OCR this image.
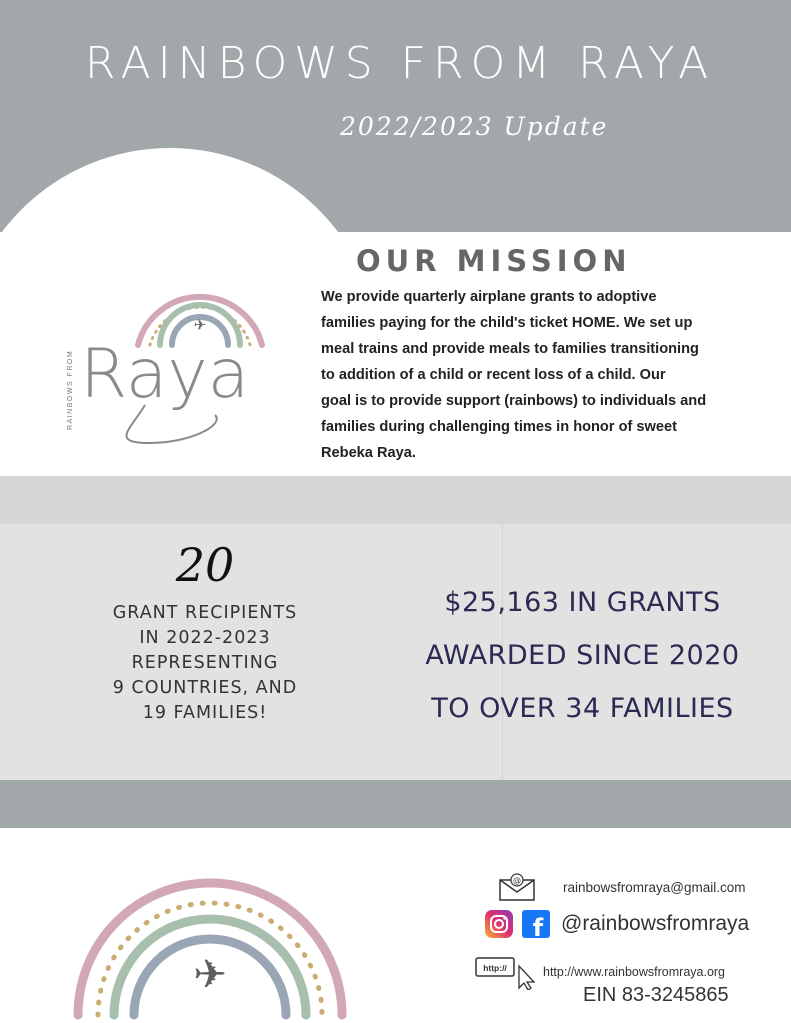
RAINBOWS FROM RAYA
2022/2023 Update
✈
RAINBOWS FROM Raya
OUR MISSION
We provide quarterly airplane grants to adoptive
families paying for the child's ticket HOME. We set up
meal trains and provide meals to families transitioning
to addition of a child or recent loss of a child. Our
goal is to provide support (rainbows) to individuals and
families during challenging times in honor of sweet
Rebeka Raya.
20
GRANT RECIPIENTS
IN 2022-2023
REPRESENTING
9 COUNTRIES, AND
19 FAMILIES!
$25,163 IN GRANTS
AWARDED SINCE 2020
TO OVER 34 FAMILIES
✈
@	rainbowsfromraya@gmail.com
f @rainbowsfromraya
http://	http://www.rainbowsfromraya.org
EIN 83-3245865
